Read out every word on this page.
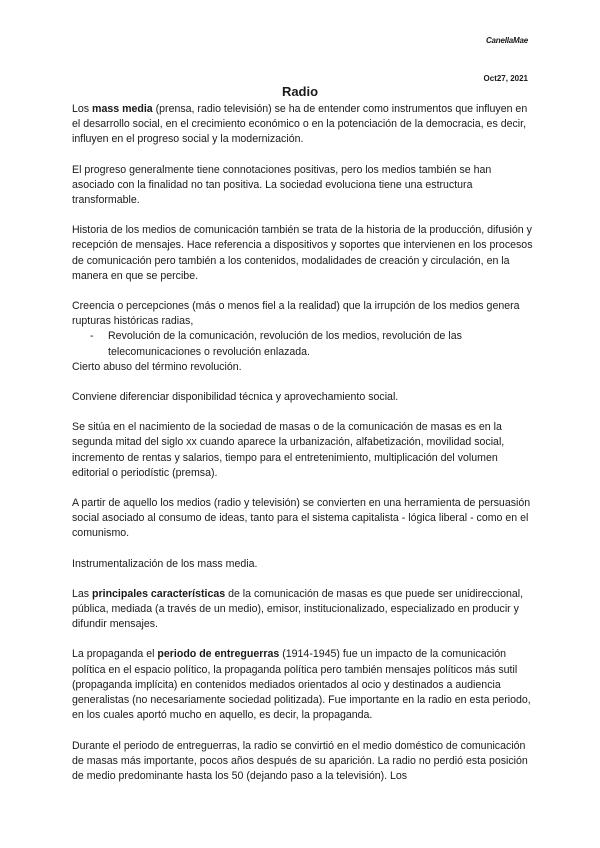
CanellaMae
Oct27, 2021
Radio

Los mass media (prensa, radio televisión) se ha de entender como instrumentos que influyen en el desarrollo social, en el crecimiento económico o en la potenciación de la democracia, es decir, influyen en el progreso social y la modernización.

El progreso generalmente tiene connotaciones positivas, pero los medios también se han asociado con la finalidad no tan positiva. La sociedad evoluciona tiene una estructura transformable.

Historia de los medios de comunicación también se trata de la historia de la producción, difusión y recepción de mensajes. Hace referencia a dispositivos y soportes que intervienen en los procesos de comunicación pero también a los contenidos, modalidades de creación y circulación, en la manera en que se percibe.

Creencia o percepciones (más o menos fiel a la realidad) que la irrupción de los medios genera rupturas históricas radias,

-	Revolución de la comunicación, revolución de los medios, revolución de las telecomunicaciones o revolución enlazada.

Cierto abuso del término revolución.

Conviene diferenciar disponibilidad técnica y aprovechamiento social.

Se sitúa en el nacimiento de la sociedad de masas o de la comunicación de masas es en la segunda mitad del siglo xx cuando aparece la urbanización, alfabetización, movilidad social, incremento de rentas y salarios, tiempo para el entretenimiento, multiplicación del volumen editorial o periodístic (premsa).

A partir de aquello los medios (radio y televisión) se convierten en una herramienta de persuasión social asociado al consumo de ideas, tanto para el sistema capitalista - lógica liberal - como en el comunismo.

Instrumentalización de los mass media.

Las principales características de la comunicación de masas es que puede ser unidireccional, pública, mediada (a través de un medio), emisor, institucionalizado, especializado en producir y difundir mensajes.

La propaganda el periodo de entreguerras (1914-1945) fue un impacto de la comunicación política en el espacio político, la propaganda política pero también mensajes políticos más sutil (propaganda implícita) en contenidos mediados orientados al ocio y destinados a audiencia generalistas (no necesariamente sociedad politizada). Fue importante en la radio en esta periodo, en los cuales aportó mucho en aquello, es decir, la propaganda.

Durante el periodo de entreguerras, la radio se convirtió en el medio doméstico de comunicación de masas más importante, pocos años después de su aparición. La radio no perdió esta posición de medio predominante hasta los 50 (dejando paso a la televisión). Los
